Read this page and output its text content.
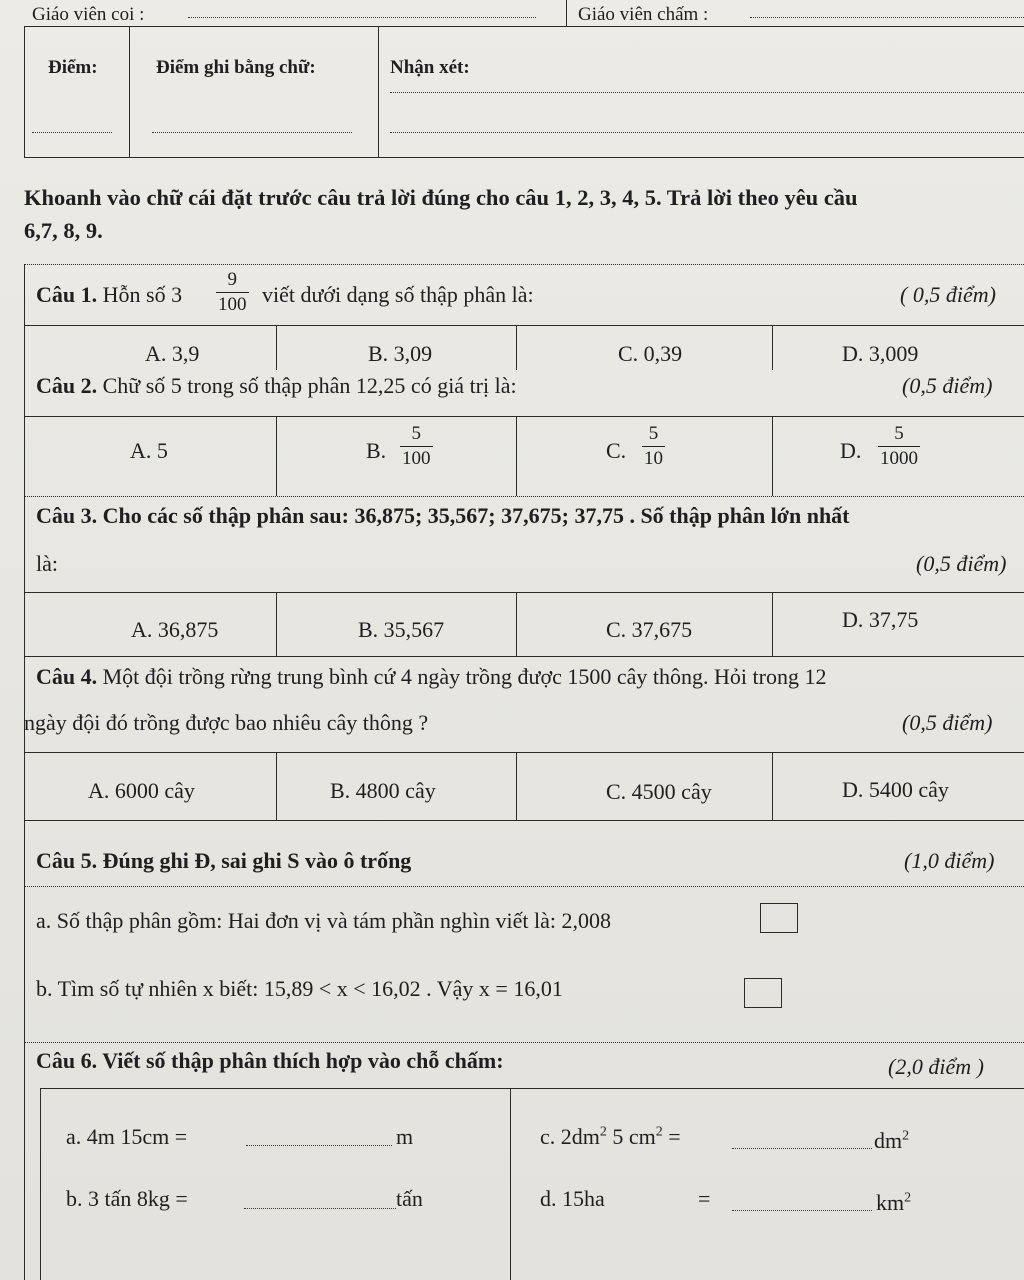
Giáo viên coi :	Giáo viên chấm :
Điểm:	Điểm ghi bằng chữ:	Nhận xét:
Khoanh vào chữ cái đặt trước câu trả lời đúng cho câu 1, 2, 3, 4, 5. Trả lời theo yêu cầu
6,7, 8, 9.
Câu 1. Hỗn số $3 \frac{9}{100}$ viết dưới dạng số thập phân là:	( 0,5 điểm)
A. 3,9	B. 3,09	C. 0,39	D. 3,009
Câu 2. Chữ số 5 trong số thập phân 12,25 có giá trị là:	(0,5 điểm)
A. 5	B. $\frac{5}{100}$	C. $\frac{5}{10}$	D. $\frac{5}{1000}$
Câu 3. Cho các số thập phân sau: 36,875; 35,567; 37,675; 37,75 . Số thập phân lớn nhất
là:	(0,5 điểm)
A. 36,875	B. 35,567	C. 37,675	D. 37,75
Câu 4. Một đội trồng rừng trung bình cứ 4 ngày trồng được 1500 cây thông. Hỏi trong 12
ngày đội đó trồng được bao nhiêu cây thông ?	(0,5 điểm)
A. 6000 cây	B. 4800 cây	C. 4500 cây	D. 5400 cây
Câu 5. Đúng ghi Đ, sai ghi S vào ô trống	(1,0 điểm)
a. Số thập phân gồm: Hai đơn vị và tám phần nghìn viết là: 2,008
b. Tìm số tự nhiên x biết: 15,89 < x < 16,02 . Vậy x = 16,01
Câu 6. Viết số thập phân thích hợp vào chỗ chấm:	(2,0 điểm )
a. 4m 15cm =	m
b. 3 tấn 8kg =	tấn
c. $2dm^2$ 5 $cm^2$ =	$dm^2$
d. 15ha	=	$km^2$
